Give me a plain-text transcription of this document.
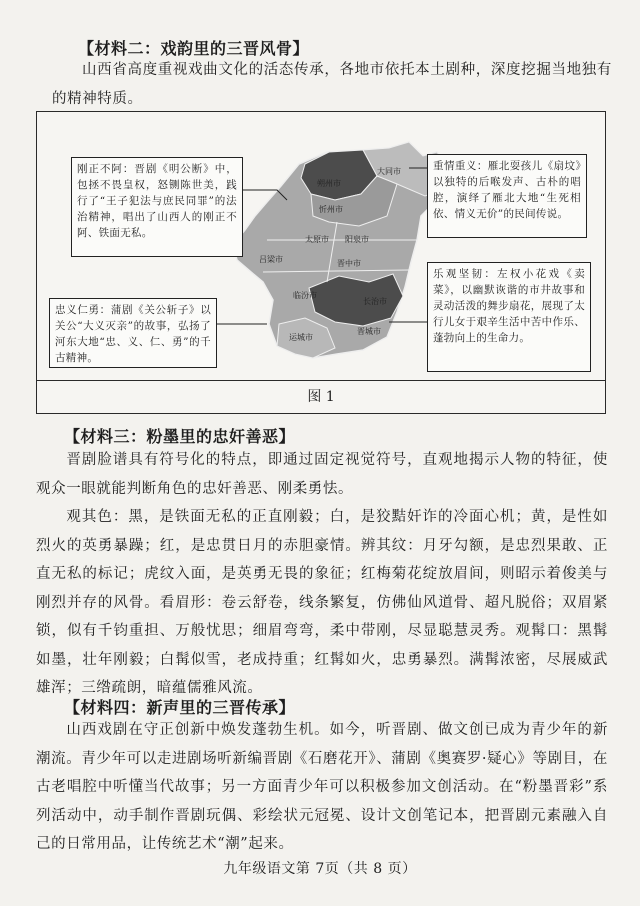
【材料二：戏韵里的三晋风骨】
山西省高度重视戏曲文化的活态传承，各地市依托本土剧种，深度挖掘当地独有的精神特质。
朔州市
大同市
忻州市
太原市 阳泉市
吕梁市	晋中市
长治市
临汾市
晋城市
运城市
刚正不阿：晋剧《明公断》中，包拯不畏皇权，怒铡陈世美，践行了“王子犯法与庶民同罪”的法治精神，唱出了山西人的刚正不阿、铁面无私。
忠义仁勇：蒲剧《关公斩子》以关公“大义灭亲”的故事，弘扬了河东大地“忠、义、仁、勇”的千古精神。
重情重义：雁北耍孩儿《扇坟》以独特的后喉发声、古朴的唱腔，演绎了雁北大地“生死相依、情义无价”的民间传说。
乐观坚韧：左权小花戏《卖菜》，以幽默诙谐的市井故事和灵动活泼的舞步扇花，展现了太行儿女于艰辛生活中苦中作乐、蓬勃向上的生命力。
图 1
【材料三：粉墨里的忠奸善恶】
晋剧脸谱具有符号化的特点，即通过固定视觉符号，直观地揭示人物的特征，使观众一眼就能判断角色的忠奸善恶、刚柔勇怯。
观其色：黑，是铁面无私的正直刚毅；白，是狡黠奸诈的冷面心机；黄，是性如烈火的英勇暴躁；红，是忠贯日月的赤胆豪情。辨其纹：月牙勾额，是忠烈果敢、正直无私的标记；虎纹入面，是英勇无畏的象征；红梅菊花绽放眉间，则昭示着俊美与刚烈并存的风骨。看眉形：卷云舒卷，线条繁复，仿佛仙风道骨、超凡脱俗；双眉紧锁，似有千钧重担、万般忧思；细眉弯弯，柔中带刚，尽显聪慧灵秀。观髯口：黑髯如墨，壮年刚毅；白髯似雪，老成持重；红髯如火，忠勇暴烈。满髯浓密，尽展威武雄浑；三绺疏朗，暗蕴儒雅风流。
【材料四：新声里的三晋传承】
山西戏剧在守正创新中焕发蓬勃生机。如今，听晋剧、做文创已成为青少年的新潮流。青少年可以走进剧场听新编晋剧《石磨花开》、蒲剧《奥赛罗·疑心》等剧目，在古老唱腔中听懂当代故事；另一方面青少年可以积极参加文创活动。在“粉墨晋彩”系列活动中，动手制作晋剧玩偶、彩绘状元冠冕、设计文创笔记本，把晋剧元素融入自己的日常用品，让传统艺术“潮”起来。
九年级语文第 7页（共 8 页）
